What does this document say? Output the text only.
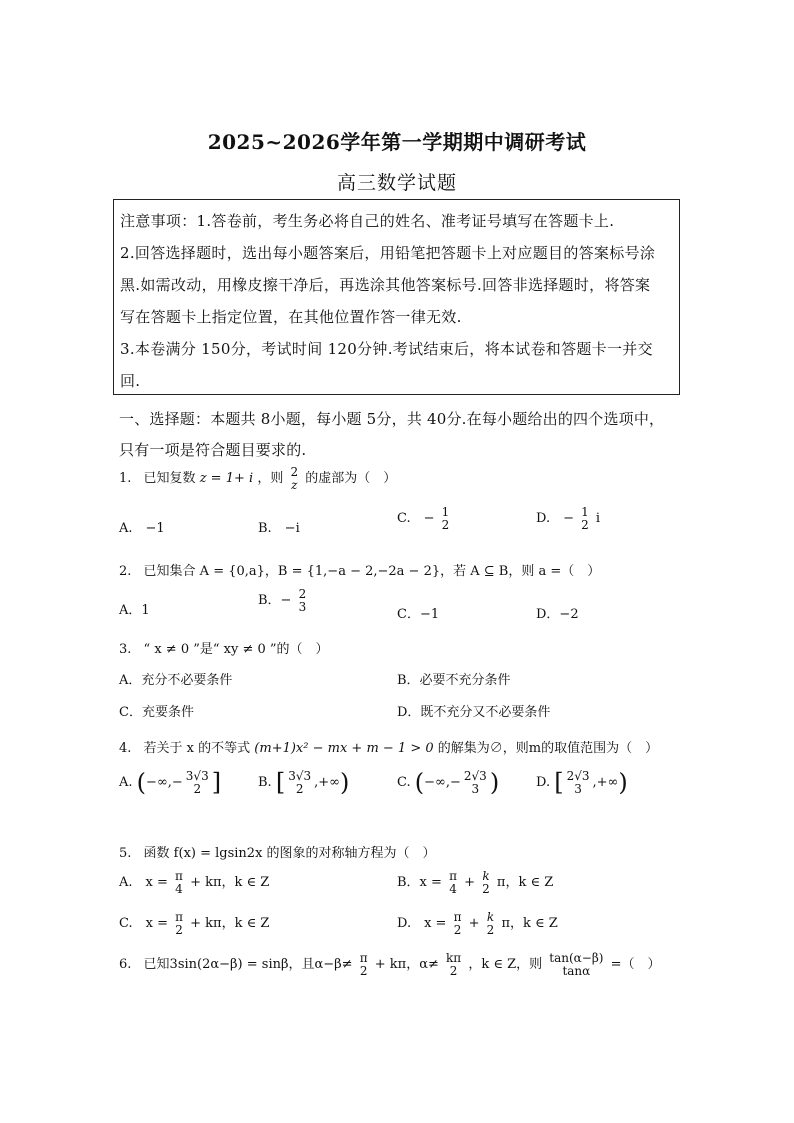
2025~2026学年第一学期期中调研考试
高三数学试题
注意事项：1.答卷前，考生务必将自己的姓名、准考证号填写在答题卡上.
2.回答选择题时，选出每小题答案后，用铅笔把答题卡上对应题目的答案标号涂
黑.如需改动，用橡皮擦干净后，再选涂其他答案标号.回答非选择题时，将答案
写在答题卡上指定位置，在其他位置作答一律无效.
3.本卷满分 150分，考试时间 120分钟.考试结束后，将本试卷和答题卡一并交
回.
一、选择题：本题共 8小题，每小题 5分，共 40分.在每小题给出的四个选项中，
只有一项是符合题目要求的.
1. 已知复数 z = 1+ i ，则 2
z 的虚部为（　）
A.　−1	B.　−i
C.　− 1
2	D.　− 1
2 i
2. 已知集合 A = {0,a}，B = {1,−a − 2,−2a − 2}，若 A ⊆ B，则 a =（　）
A．1
B．− 2
3
C．−1	D．−2
3. “ x ≠ 0 ”是“ xy ≠ 0 ”的（　）
A．充分不必要条件	B．必要不充分条件
C．充要条件	D．既不充分又不必要条件
4. 若关于 x 的不等式 (m+1)x² − mx + m − 1 > 0 的解集为∅，则m的取值范围为（　）
A. (−∞,− 3√3
2 ]	B. [ 3√3
2 ,+∞)	C. (−∞,− 2√3
3 )	D. [ 2√3
3 ,+∞)
5. 函数 f(x) = lgsin2x 的图象的对称轴方程为（　）
A.　x = π
4 + kπ，k ∈ Z	B．x = π
4 + k
2 π，k ∈ Z
C.　x = π
2 + kπ，k ∈ Z	D.　x = π
2 + k
2 π，k ∈ Z
6. 已知3sin(2α−β) = sinβ，且α−β≠ π
2 + kπ，α≠ kπ
2 ，k ∈ Z，则 tan(α−β)
tanα =（　）
